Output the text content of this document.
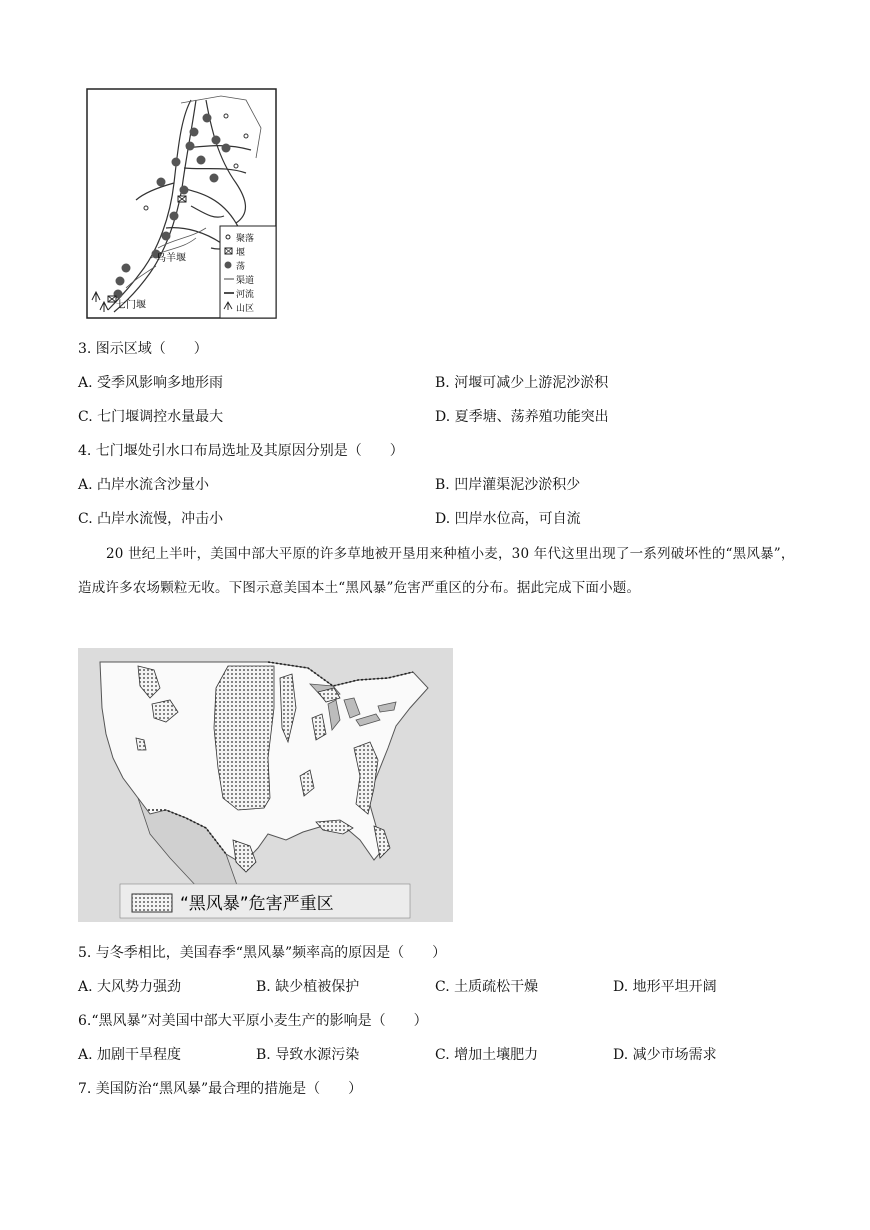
乌羊堰
七门堰
聚落
堰
荡
渠道
河流
山区
3. 图示区域（　　）
A. 受季风影响多地形雨	B. 河堰可减少上游泥沙淤积
C. 七门堰调控水量最大	D. 夏季塘、荡养殖功能突出
4. 七门堰处引水口布局选址及其原因分别是（　　）
A. 凸岸水流含沙量小	B. 凹岸灌渠泥沙淤积少
C. 凸岸水流慢，冲击小	D. 凹岸水位高，可自流
20 世纪上半叶，美国中部大平原的许多草地被开垦用来种植小麦，30 年代这里出现了一系列破坏性的“黑风暴”，造成许多农场颗粒无收。下图示意美国本土“黑风暴”危害严重区的分布。据此完成下面小题。
“黑风暴”危害严重区
5. 与冬季相比，美国春季“黑风暴”频率高的原因是（　　）
A. 大风势力强劲	B. 缺少植被保护	C. 土质疏松干燥	D. 地形平坦开阔
6.“黑风暴”对美国中部大平原小麦生产的影响是（　　）
A. 加剧干旱程度	B. 导致水源污染	C. 增加土壤肥力	D. 减少市场需求
7. 美国防治“黑风暴”最合理的措施是（　　）
